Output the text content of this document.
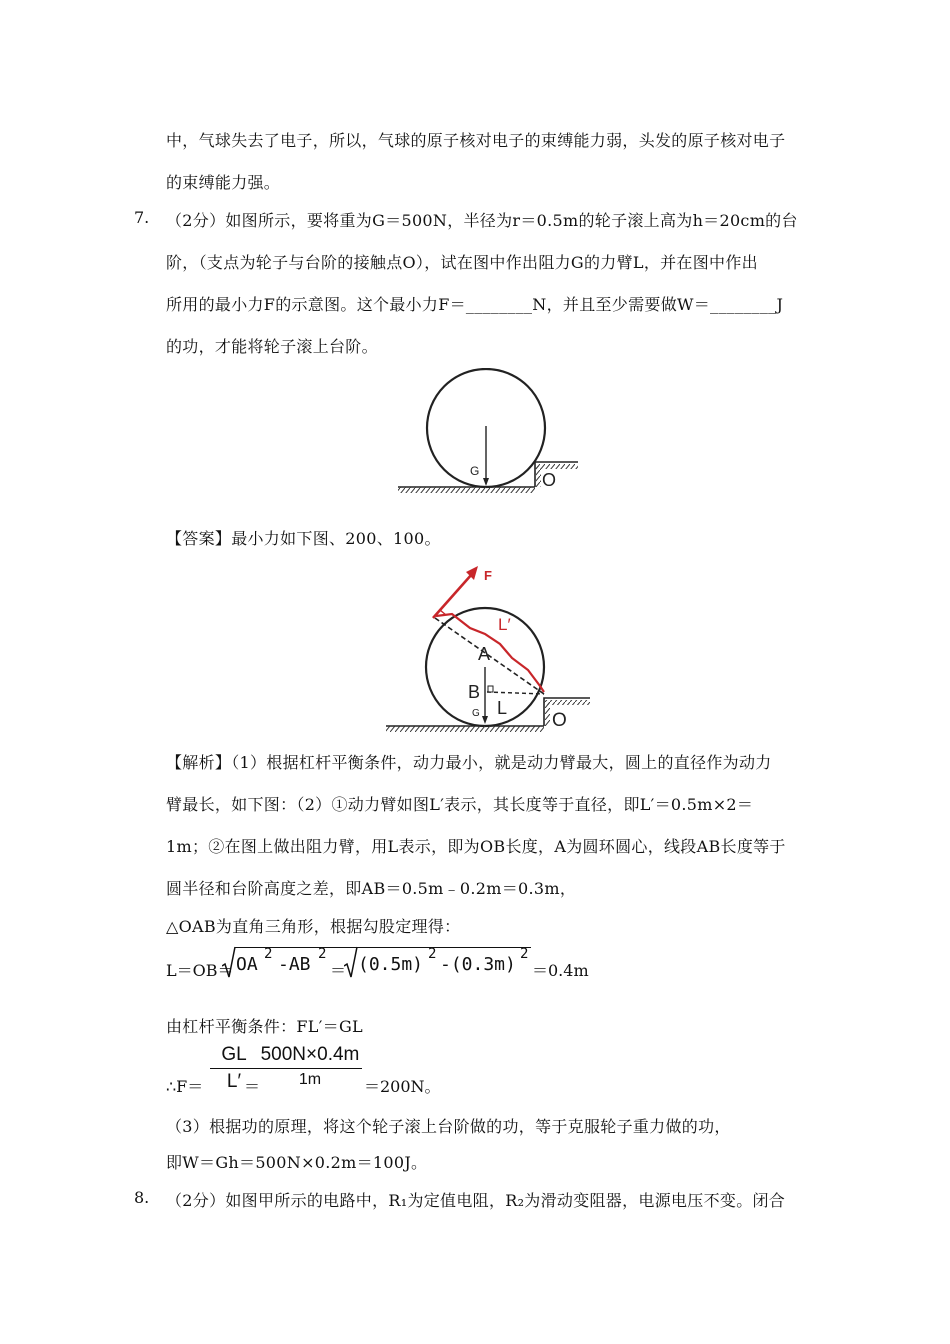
中，气球失去了电子，所以，气球的原子核对电子的束缚能力弱，头发的原子核对电子
的束缚能力强。
7. （2分）如图所示，要将重为G＝500N，半径为r＝0.5m的轮子滚上高为h＝20cm的台
阶，（支点为轮子与台阶的接触点O），试在图中作出阻力G的力臂L，并在图中作出
所用的最小力F的示意图。这个最小力F＝________N，并且至少需要做W＝________J
的功，才能将轮子滚上台阶。
G	O
【答案】最小力如下图、200、100。
F
L′
A
B
G L
O
【解析】（1）根据杠杆平衡条件，动力最小，就是动力臂最大，圆上的直径作为动力
臂最长，如下图：（2）①动力臂如图L′表示，其长度等于直径，即L′＝0.5m×2＝
1m；②在图上做出阻力臂，用L表示，即为OB长度，A为圆环圆心，线段AB长度等于
圆半径和台阶高度之差，即AB＝0.5m﹣0.2m＝0.3m，
△OAB为直角三角形，根据勾股定理得：
L＝OB＝ OA 2 -AB 2
＝ (0.5m) 2 -(0.3m) 2
＝0.4m
由杠杆平衡条件：FL′＝GL
∴F＝ $\frac{GL}{L'}$
＝
500N×0.4m
1m	＝200N。
（3）根据功的原理，将这个轮子滚上台阶做的功，等于克服轮子重力做的功，
即W＝Gh＝500N×0.2m＝100J。
8. （2分）如图甲所示的电路中，R₁为定值电阻，R₂为滑动变阻器，电源电压不变。闭合
